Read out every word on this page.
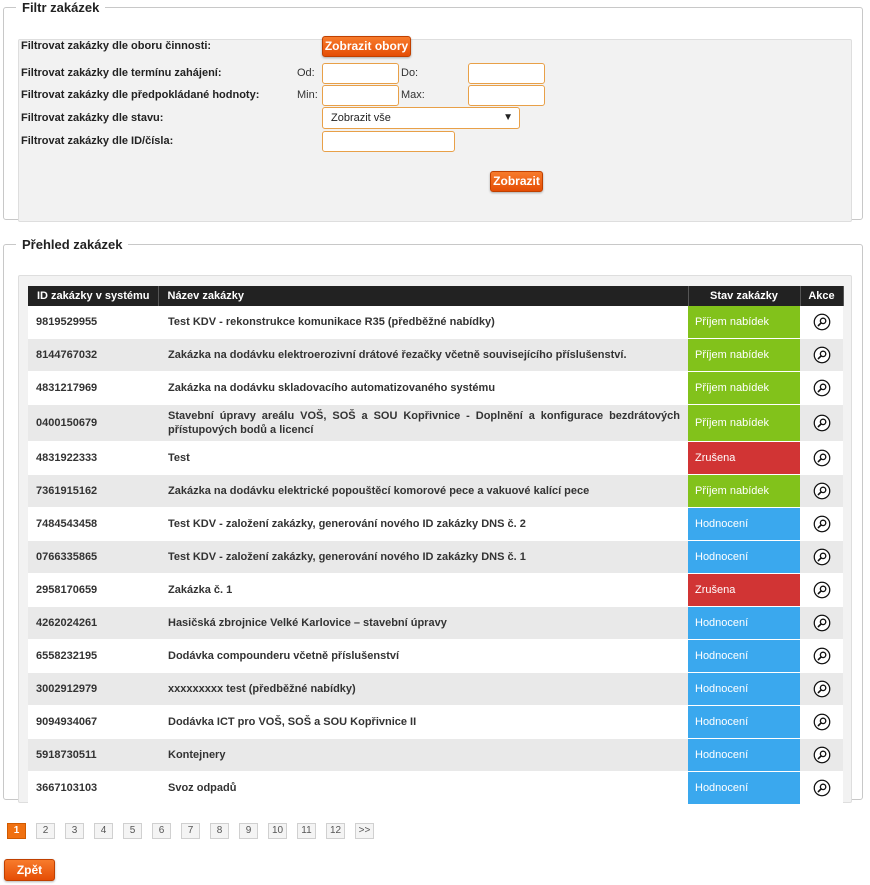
Filtr zakázek
Filtrovat zakázky dle oboru činnosti:	Zobrazit obory
Filtrovat zakázky dle termínu zahájení:	Od:	Do:
Filtrovat zakázky dle předpokládané hodnoty:	Min:	Max:
Filtrovat zakázky dle stavu:	Zobrazit vše	▼
Filtrovat zakázky dle ID/čísla:
Zobrazit
Přehled zakázek
ID zakázky v systému	Název zakázky	Stav zakázky	Akce
9819529955	Test KDV - rekonstrukce komunikace R35 (předběžné nabídky)	Příjem nabídek	
8144767032	Zakázka na dodávku elektroerozivní drátové řezačky včetně souvisejícího příslušenství.	Příjem nabídek	
4831217969	Zakázka na dodávku skladovacího automatizovaného systému	Příjem nabídek	
0400150679	Stavební úpravy areálu VOŠ, SOŠ a SOU Kopřivnice - Doplnění a konfigurace bezdrátových přístupových bodů a licencí	Příjem nabídek	
4831922333	Test	Zrušena	
7361915162	Zakázka na dodávku elektrické popouštěcí komorové pece a vakuové kalící pece	Příjem nabídek	
7484543458	Test KDV - založení zakázky, generování nového ID zakázky DNS č. 2	Hodnocení	
0766335865	Test KDV - založení zakázky, generování nového ID zakázky DNS č. 1	Hodnocení	
2958170659	Zakázka č. 1	Zrušena	
4262024261	Hasičská zbrojnice Velké Karlovice – stavební úpravy	Hodnocení	
6558232195	Dodávka compounderu včetně příslušenství	Hodnocení	
3002912979	xxxxxxxxx test (předběžné nabídky)	Hodnocení	
9094934067	Dodávka ICT pro VOŠ, SOŠ a SOU Kopřivnice II	Hodnocení	
5918730511	Kontejnery	Hodnocení	
3667103103	Svoz odpadů	Hodnocení	
1	2	3	4	5	6	7	8	9	10	11	12	>>
Zpět
